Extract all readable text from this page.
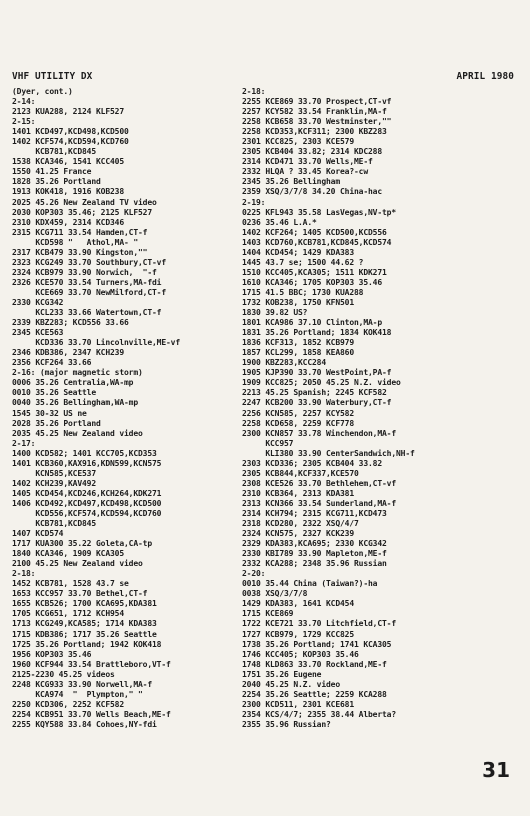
VHF UTILITY DX	APRIL 1980
(Dyer, cont.)
2-14:
2123 KUA288, 2124 KLF527
2-15:
1401 KCD497,KCD498,KCD500
1402 KCF574,KCD594,KCD760
KCB781,KCD845
1538 KCA346, 1541 KCC405
1550 41.25 France
1828 35.26 Portland
1913 KOK418, 1916 KOB238
2025 45.26 New Zealand TV video
2030 KOP303 35.46; 2125 KLF527
2310 KDX459, 2314 KCD346
2315 KCG711 33.54 Hamden,CT-f
KCD598 "   Athol,MA- "
2317 KCB479 33.90 Kingston,""
2323 KCG249 33.70 Southbury,CT-vf
2324 KCB979 33.90 Norwich,  "-f
2326 KCE570 33.54 Turners,MA-fdi
KCE669 33.70 NewMilford,CT-f
2330 KCG342
KCL233 33.66 Watertown,CT-f
2339 KBZ283; KCD556 33.66
2345 KCE563
KCD336 33.70 Lincolnville,ME-vf
2346 KDB386, 2347 KCH239
2356 KCF264 33.66
2-16: (major magnetic storm)
0006 35.26 Centralia,WA-mp
0010 35.26 Seattle
0040 35.26 Bellingham,WA-mp
1545 30-32 US ne
2028 35.26 Portland
2035 45.25 New Zealand video
2-17:
1400 KCD582; 1401 KCC705,KCD353
1401 KCB360,KAX916,KDN599,KCN575
KCN585,KCE537
1402 KCH239,KAV492
1405 KCD454,KCD246,KCH264,KDK271
1406 KCD492,KCD497,KCD498,KCD500
KCD556,KCF574,KCD594,KCD760
KCB781,KCD845
1407 KCD574
1717 KUA300 35.22 Goleta,CA-tp
1840 KCA346, 1909 KCA305
2100 45.25 New Zealand video
2-18:
1452 KCB781, 1528 43.7 se
1653 KCC957 33.70 Bethel,CT-f
1655 KCB526; 1700 KCA695,KDA381
1705 KCG651, 1712 KCH954
1713 KCG249,KCA585; 1714 KDA383
1715 KDB386; 1717 35.26 Seattle
1725 35.26 Portland; 1942 KOK418
1956 KOP303 35.46
1960 KCF944 33.54 Brattleboro,VT-f
2125-2230 45.25 videos
2248 KCG933 33.90 Norwell,MA-f
KCA974  "  Plympton," "
2250 KCD306, 2252 KCF582
2254 KCB951 33.70 Wells Beach,ME-f
2255 KQY588 33.84 Cohoes,NY-fdi
2-18:
2255 KCE869 33.70 Prospect,CT-vf
2257 KCY582 33.54 Franklin,MA-f
2258 KCB658 33.70 Westminster,""
2258 KCD353,KCF311; 2300 KBZ283
2301 KCC825, 2303 KCE579
2305 KCB404 33.82; 2314 KDC288
2314 KCD471 33.70 Wells,ME-f
2332 HLQA ? 33.45 Korea?-cw
2345 35.26 Bellingham
2359 XSQ/3/7/8 34.20 China-hac
2-19:
0225 KFL943 35.58 LasVegas,NV-tp*
0236 35.46 L.A.*
1402 KCF264; 1405 KCD500,KCD556
1403 KCD760,KCB781,KCD845,KCD574
1404 KCD454; 1429 KDA383
1445 43.7 se; 1500 44.62 ?
1510 KCC405,KCA305; 1511 KDK271
1610 KCA346; 1705 KOP303 35.46
1715 41.5 BBC; 1730 KUA288
1732 KOB238, 1750 KFN501
1830 39.82 US?
1801 KCA986 37.10 Clinton,MA-p
1831 35.26 Portland; 1834 KOK418
1836 KCF313, 1852 KCB979
1857 KCL299, 1858 KEA860
1900 KBZ283,KCC284
1905 KJP390 33.70 WestPoint,PA-f
1909 KCC825; 2050 45.25 N.Z. video
2213 45.25 Spanish; 2245 KCF582
2247 KCB200 33.90 Waterbury,CT-f
2256 KCN585, 2257 KCY582
2258 KCD658, 2259 KCF778
2300 KCN857 33.78 Winchendon,MA-f
KCC957
KLI380 33.90 CenterSandwich,NH-f
2303 KCD336; 2305 KCB404 33.82
2305 KCB844,KCF337,KCE570
2308 KCE526 33.70 Bethlehem,CT-vf
2310 KCB364, 2313 KDA381
2313 KCN366 33.54 Sunderland,MA-f
2314 KCH794; 2315 KCG711,KCD473
2318 KCD280, 2322 XSQ/4/7
2324 KCN575, 2327 KCK239
2329 KDA383,KCA695; 2330 KCG342
2330 KBI789 33.90 Mapleton,ME-f
2332 KCA288; 2348 35.96 Russian
2-20:
0010 35.44 China (Taiwan?)-ha
0038 XSQ/3/7/8
1429 KDA383, 1641 KCD454
1715 KCE869
1722 KCE721 33.70 Litchfield,CT-f
1727 KCB979, 1729 KCC825
1738 35.26 Portland; 1741 KCA305
1746 KCC405; KOP303 35.46
1748 KLD863 33.70 Rockland,ME-f
1751 35.26 Eugene
2040 45.25 N.Z. video
2254 35.26 Seattle; 2259 KCA288
2300 KCD511, 2301 KCE681
2354 KCS/4/7; 2355 38.44 Alberta?
2355 35.96 Russian?
31
